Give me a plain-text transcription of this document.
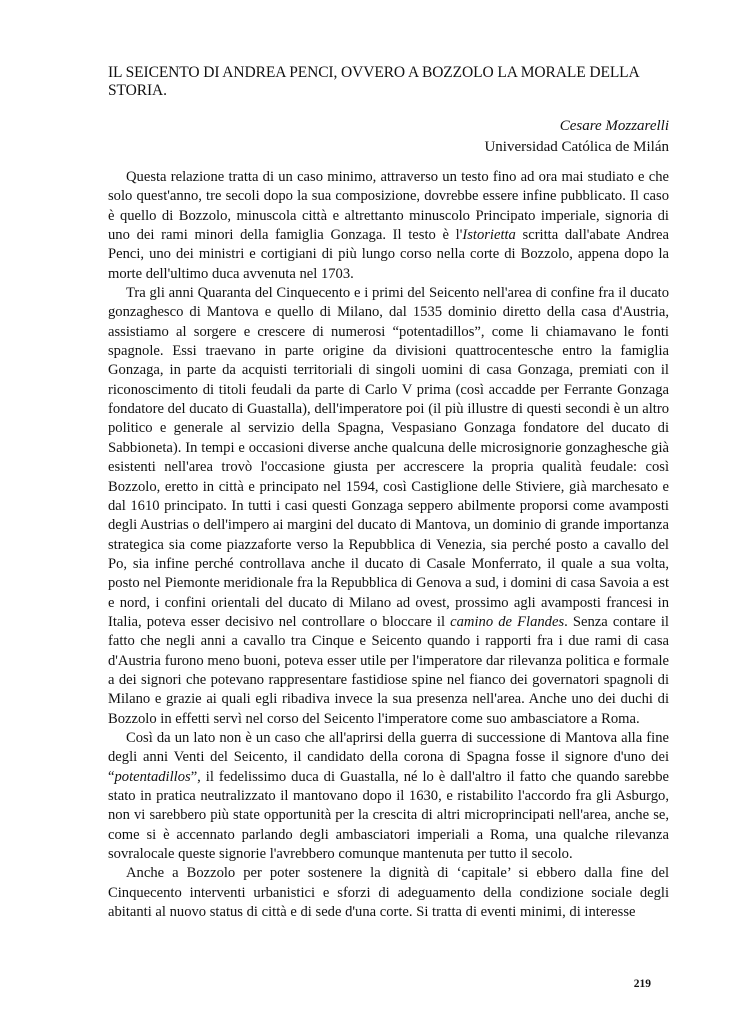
IL SEICENTO DI ANDREA PENCI, OVVERO A BOZZOLO LA MORALE DELLA STORIA.
Cesare Mozzarelli
Universidad Católica de Milán

Questa relazione tratta di un caso minimo, attraverso un testo fino ad ora mai studiato e che solo quest'anno, tre secoli dopo la sua composizione, dovrebbe essere infine pubblicato. Il caso è quello di Bozzolo, minuscola città e altrettanto minuscolo Principato imperiale, signoria di uno dei rami minori della famiglia Gonzaga. Il testo è l'Istorietta scritta dall'abate Andrea Penci, uno dei ministri e cortigiani di più lungo corso nella corte di Bozzolo, appena dopo la morte dell'ultimo duca avvenuta nel 1703.

Tra gli anni Quaranta del Cinquecento e i primi del Seicento nell'area di confine fra il ducato gonzaghesco di Mantova e quello di Milano, dal 1535 dominio diretto della casa d'Austria, assistiamo al sorgere e crescere di numerosi “potentadillos”, come li chiamavano le fonti spagnole. Essi traevano in parte origine da divisioni quattrocentesche entro la famiglia Gonzaga, in parte da acquisti territoriali di singoli uomini di casa Gonzaga, premiati con il riconoscimento di titoli feudali da parte di Carlo V prima (così accadde per Ferrante Gonzaga fondatore del ducato di Guastalla), dell'imperatore poi (il più illustre di questi secondi è un altro politico e generale al servizio della Spagna, Vespasiano Gonzaga fondatore del ducato di Sabbioneta). In tempi e occasioni diverse anche qualcuna delle microsignorie gonzaghesche già esistenti nell'area trovò l'occasione giusta per accrescere la propria qualità feudale: così Bozzolo, eretto in città e principato nel 1594, così Castiglione delle Stiviere, già marchesato e dal 1610 principato. In tutti i casi questi Gonzaga seppero abilmente proporsi come avamposti degli Austrias o dell'impero ai margini del ducato di Mantova, un dominio di grande importanza strategica sia come piazzaforte verso la Repubblica di Venezia, sia perché posto a cavallo del Po, sia infine perché controllava anche il ducato di Casale Monferrato, il quale a sua volta, posto nel Piemonte meridionale fra la Repubblica di Genova a sud, i domini di casa Savoia a est e nord, i confini orientali del ducato di Milano ad ovest, prossimo agli avamposti francesi in Italia, poteva esser decisivo nel controllare o bloccare il camino de Flandes. Senza contare il fatto che negli anni a cavallo tra Cinque e Seicento quando i rapporti fra i due rami di casa d'Austria furono meno buoni, poteva esser utile per l'imperatore dar rilevanza politica e formale a dei signori che potevano rappresentare fastidiose spine nel fianco dei governatori spagnoli di Milano e grazie ai quali egli ribadiva invece la sua presenza nell'area. Anche uno dei duchi di Bozzolo in effetti servì nel corso del Seicento l'imperatore come suo ambasciatore a Roma.

Così da un lato non è un caso che all'aprirsi della guerra di successione di Mantova alla fine degli anni Venti del Seicento, il candidato della corona di Spagna fosse il signore d'uno dei “potentadillos”, il fedelissimo duca di Guastalla, né lo è dall'altro il fatto che quando sarebbe stato in pratica neutralizzato il mantovano dopo il 1630, e ristabilito l'accordo fra gli Asburgo, non vi sarebbero più state opportunità per la crescita di altri microprincipati nell'area, anche se, come si è accennato parlando degli ambasciatori imperiali a Roma, una qualche rilevanza sovralocale queste signorie l'avrebbero comunque mantenuta per tutto il secolo.

Anche a Bozzolo per poter sostenere la dignità di ‘capitale’ si ebbero dalla fine del Cinquecento interventi urbanistici e sforzi di adeguamento della condizione sociale degli abitanti al nuovo status di città e di sede d'una corte. Si tratta di eventi minimi, di interesse

219
